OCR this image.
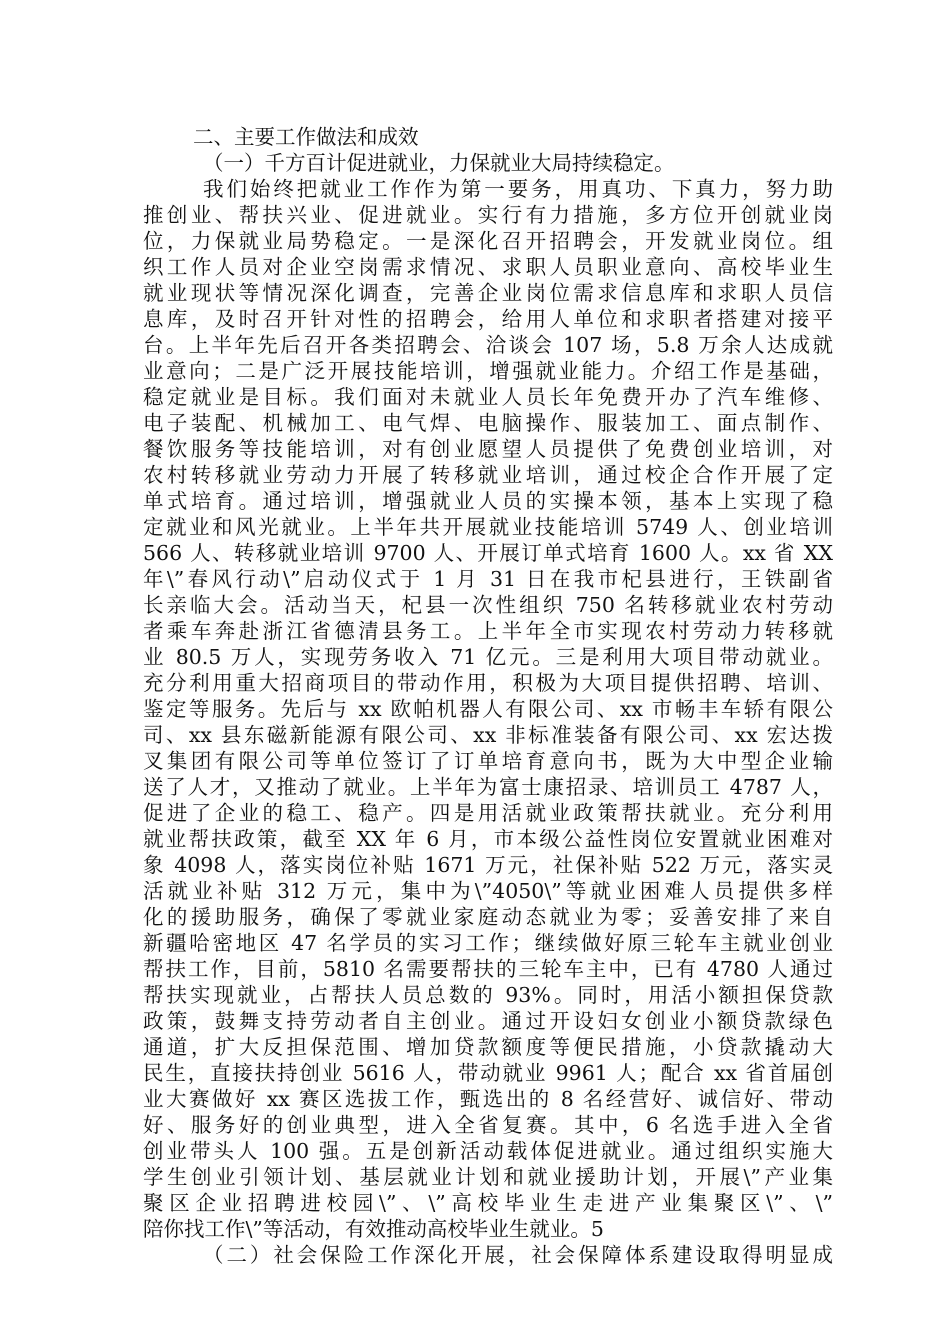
二、主要工作做法和成效
（一）千方百计促进就业，力保就业大局持续稳定。
我们始终把就业工作作为第一要务，用真功、下真力，努力助
推创业、帮扶兴业、促进就业。实行有力措施，多方位开创就业岗
位，力保就业局势稳定。一是深化召开招聘会，开发就业岗位。组
织工作人员对企业空岗需求情况、求职人员职业意向、高校毕业生
就业现状等情况深化调查，完善企业岗位需求信息库和求职人员信
息库，及时召开针对性的招聘会，给用人单位和求职者搭建对接平
台。上半年先后召开各类招聘会、洽谈会 107 场，5.8 万余人达成就
业意向；二是广泛开展技能培训，增强就业能力。介绍工作是基础，
稳定就业是目标。我们面对未就业人员长年免费开办了汽车维修、
电子装配、机械加工、电气焊、电脑操作、服装加工、面点制作、
餐饮服务等技能培训，对有创业愿望人员提供了免费创业培训，对
农村转移就业劳动力开展了转移就业培训，通过校企合作开展了定
单式培育。通过培训，增强就业人员的实操本领，基本上实现了稳
定就业和风光就业。上半年共开展就业技能培训 5749 人、创业培训
566 人、转移就业培训 9700 人、开展订单式培育 1600 人。xx 省 XX
年\”春风行动\”启动仪式于 1 月 31 日在我市杞县进行，王铁副省
长亲临大会。活动当天，杞县一次性组织 750 名转移就业农村劳动
者乘车奔赴浙江省德清县务工。上半年全市实现农村劳动力转移就
业 80.5 万人，实现劳务收入 71 亿元。三是利用大项目带动就业。
充分利用重大招商项目的带动作用，积极为大项目提供招聘、培训、
鉴定等服务。先后与 xx 欧帕机器人有限公司、xx 市畅丰车轿有限公
司、xx 县东磁新能源有限公司、xx 非标准装备有限公司、xx 宏达拨
叉集团有限公司等单位签订了订单培育意向书，既为大中型企业输
送了人才，又推动了就业。上半年为富士康招录、培训员工 4787 人，
促进了企业的稳工、稳产。四是用活就业政策帮扶就业。充分利用
就业帮扶政策，截至 XX 年 6 月，市本级公益性岗位安置就业困难对
象 4098 人，落实岗位补贴 1671 万元，社保补贴 522 万元，落实灵
活就业补贴 312 万元，集中为\”4050\”等就业困难人员提供多样
化的援助服务，确保了零就业家庭动态就业为零；妥善安排了来自
新疆哈密地区 47 名学员的实习工作；继续做好原三轮车主就业创业
帮扶工作，目前，5810 名需要帮扶的三轮车主中，已有 4780 人通过
帮扶实现就业，占帮扶人员总数的 93%。同时，用活小额担保贷款
政策，鼓舞支持劳动者自主创业。通过开设妇女创业小额贷款绿色
通道，扩大反担保范围、增加贷款额度等便民措施，小贷款撬动大
民生，直接扶持创业 5616 人，带动就业 9961 人；配合 xx 省首届创
业大赛做好 xx 赛区选拔工作，甄选出的 8 名经营好、诚信好、带动
好、服务好的创业典型，进入全省复赛。其中，6 名选手进入全省
创业带头人 100 强。五是创新活动载体促进就业。通过组织实施大
学生创业引领计划、基层就业计划和就业援助计划，开展\”产业集
聚区企业招聘进校园\”、\”高校毕业生走进产业集聚区\”、\”
陪你找工作\”等活动，有效推动高校毕业生就业。5
（二）社会保险工作深化开展，社会保障体系建设取得明显成
